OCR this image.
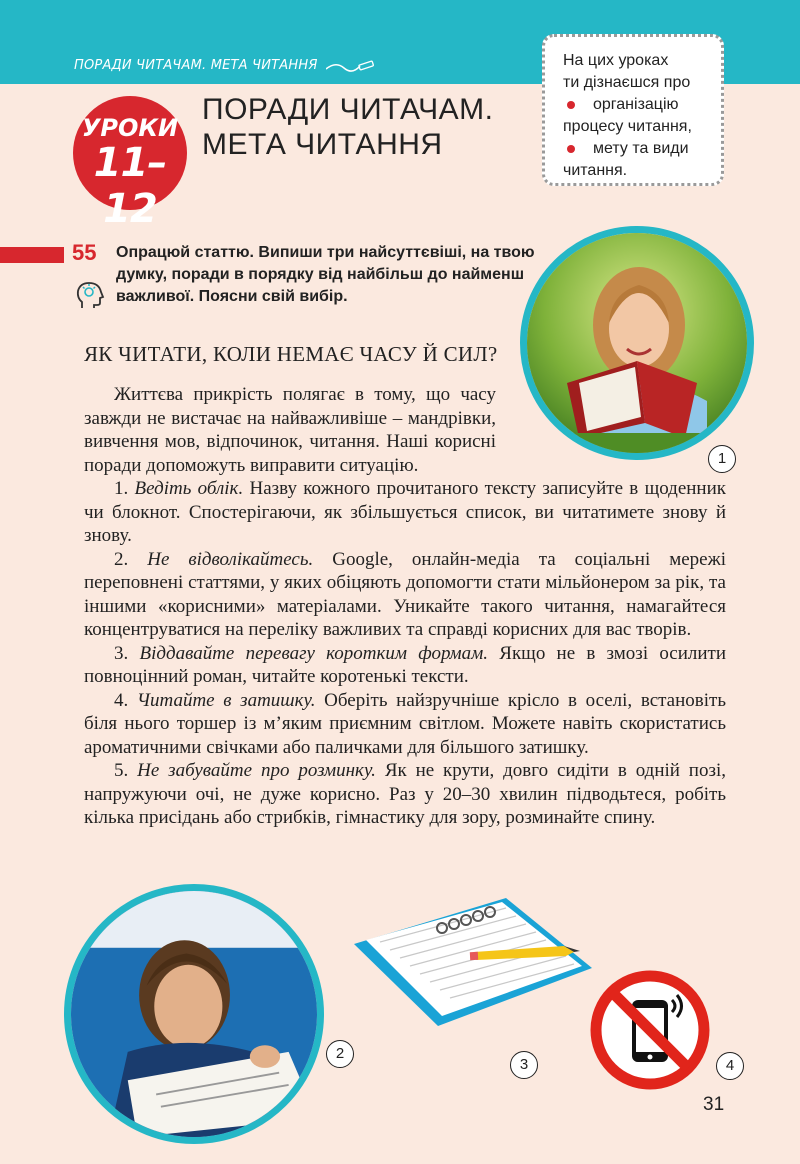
ПОРАДИ ЧИТАЧАМ. МЕТА ЧИТАННЯ	На цих уроках
ти дізнаєшся про
організацію
процесу читання,
мету та види
читання.
УРОКИ
11–12
ПОРАДИ ЧИТАЧАМ.
МЕТА ЧИТАННЯ
55 Опрацюй статтю. Випиши три найсуттєвіші, на твою думку, поради в порядку від найбільш до найменш важливої. Поясни свій вибір.
1
ЯК ЧИТАТИ, КОЛИ НЕМАЄ ЧАСУ Й СИЛ?

Життєва прикрість полягає в тому, що часу завжди не вистачає на найважливіше – мандрівки, вивчення мов, відпочинок, читання. Наші корисні поради допоможуть виправити ситуацію.

1. Ведіть облік. Назву кожного прочитаного тексту записуйте в щоденник чи блокнот. Спостерігаючи, як збільшується список, ви читатимете знову й знову.

2. Не відволікайтесь. Google, онлайн-медіа та соціальні мережі переповнені статтями, у яких обіцяють допомогти стати мільйонером за рік, та іншими «корисними» матеріалами. Уникайте такого читання, намагайтеся концентруватися на переліку важливих та справді корисних для вас творів.

3. Віддавайте перевагу коротким формам. Якщо не в змозі осилити повноцінний роман, читайте коротенькі тексти.

4. Читайте в затишку. Оберіть найзручніше крісло в оселі, встановіть біля нього торшер із м’яким приємним світлом. Можете навіть скористатись ароматичними свічками або паличками для більшого затишку.

5. Не забувайте про розминку. Як не крути, довго сидіти в одній позі, напружуючи очі, не дуже корисно. Раз у 20–30 хвилин підводьтеся, робіть кілька присідань або стрибків, гімнастику для зору, розминайте спину.

2
3	4
31
